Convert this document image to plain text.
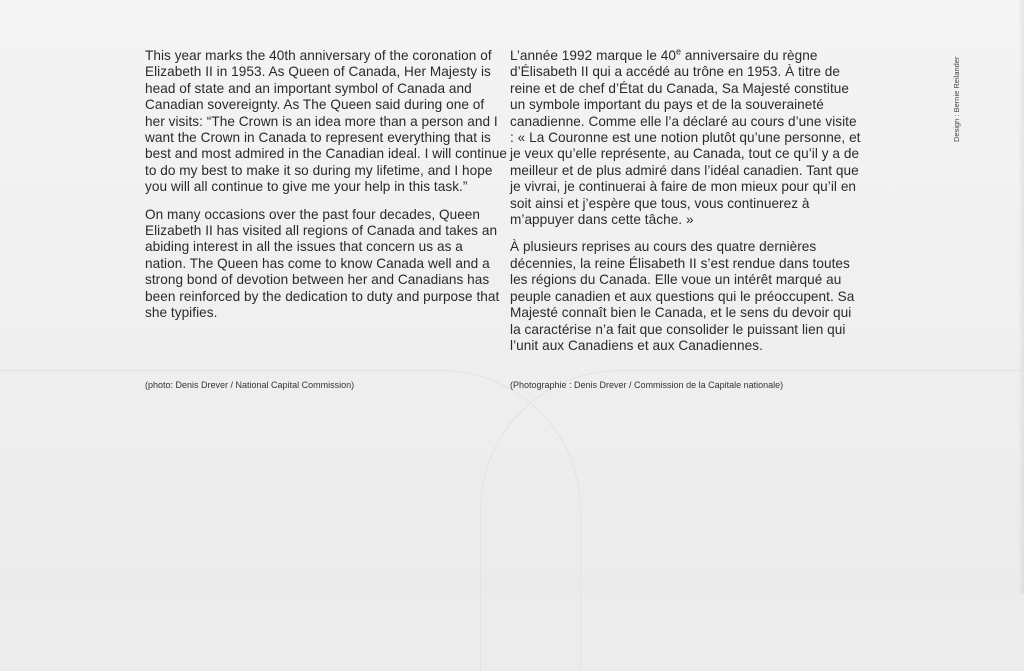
This year marks the 40th anniversary of the coronation of Elizabeth II in 1953. As Queen of Canada, Her Majesty is head of state and an important symbol of Canada and Canadian sovereignty. As The Queen said during one of her visits: “The Crown is an idea more than a person and I want the Crown in Canada to represent everything that is best and most admired in the Canadian ideal. I will continue to do my best to make it so during my lifetime, and I hope you will all continue to give me your help in this task.”

On many occasions over the past four decades, Queen Elizabeth II has visited all regions of Canada and takes an abiding interest in all the issues that concern us as a nation. The Queen has come to know Canada well and a strong bond of devotion between her and Canadians has been reinforced by the dedication to duty and purpose that she typifies.

(photo: Denis Drever / National Capital Commission)

L’année 1992 marque le 40e anniversaire du règne d’Élisabeth II qui a accédé au trône en 1953. À titre de reine et de chef d’État du Canada, Sa Majesté constitue un symbole important du pays et de la souveraineté canadienne. Comme elle l’a déclaré au cours d’une visite : « La Couronne est une notion plutôt qu’une personne, et je veux qu’elle représente, au Canada, tout ce qu’il y a de meilleur et de plus admiré dans l’idéal canadien. Tant que je vivrai, je continuerai à faire de mon mieux pour qu’il en soit ainsi et j’espère que tous, vous continuerez à m’appuyer dans cette tâche. »

À plusieurs reprises au cours des quatre dernières décennies, la reine Élisabeth II s’est rendue dans toutes les régions du Canada. Elle voue un intérêt marqué au peuple canadien et aux questions qui le préoccupent. Sa Majesté connaît bien le Canada, et le sens du devoir qui la caractérise n’a fait que consolider le puissant lien qui l’unit aux Canadiens et aux Canadiennes.

(Photographie : Denis Drever / Commission de la Capitale nationale)
Design : Bernie Reilander
